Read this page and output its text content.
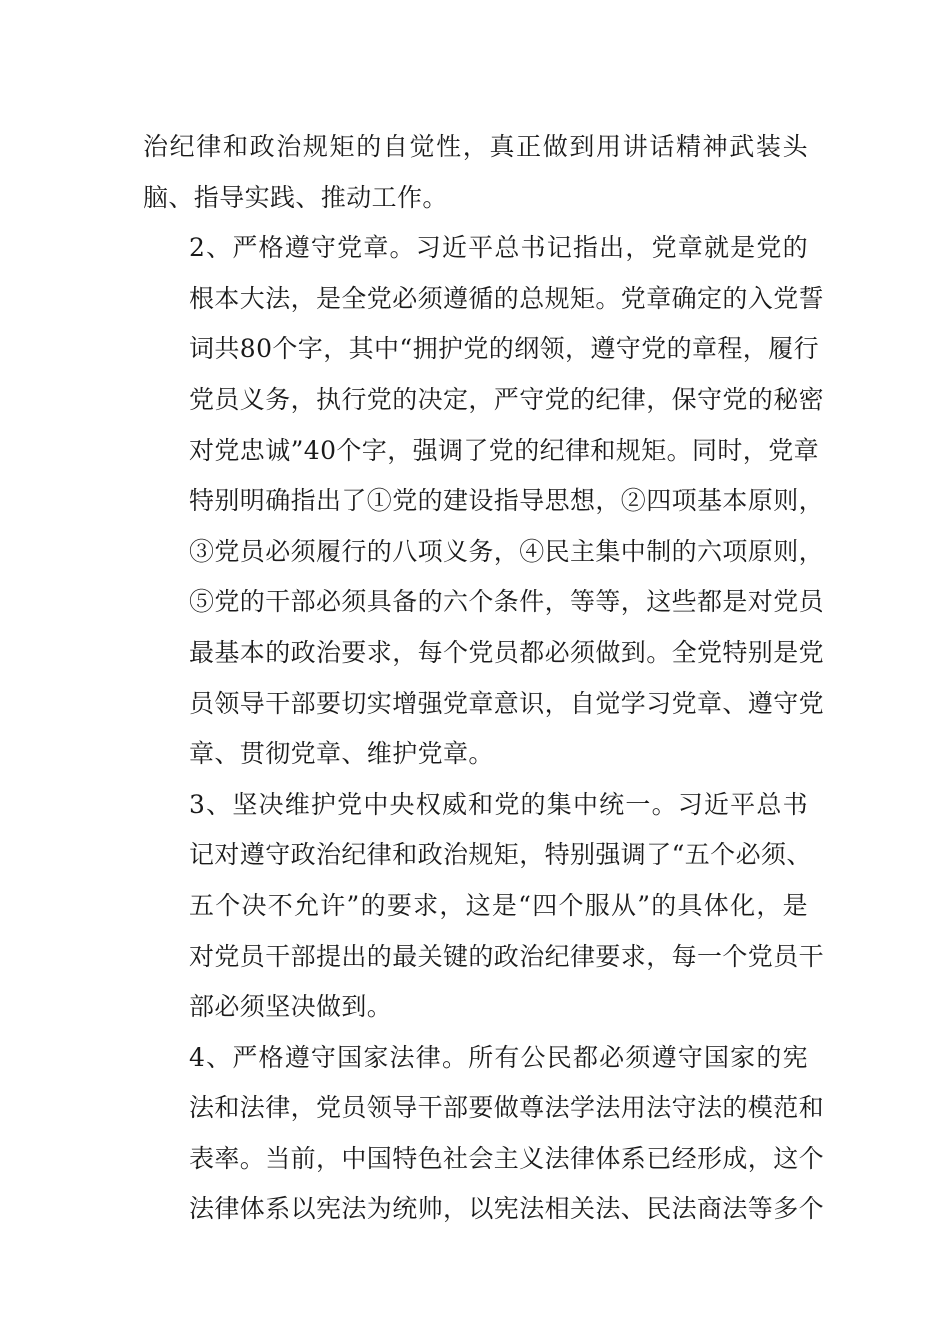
治纪律和政治规矩的自觉性，真正做到用讲话精神武装头
脑、指导实践、推动工作。

2、严格遵守党章。习近平总书记指出，党章就是党的
根本大法，是全党必须遵循的总规矩。党章确定的入党誓
词共80个字，其中“拥护党的纲领，遵守党的章程，履行
党员义务，执行党的决定，严守党的纪律，保守党的秘密
对党忠诚”40个字，强调了党的纪律和规矩。同时，党章
特别明确指出了①党的建设指导思想，②四项基本原则，
③党员必须履行的八项义务，④民主集中制的六项原则，
⑤党的干部必须具备的六个条件，等等，这些都是对党员
最基本的政治要求，每个党员都必须做到。全党特别是党
员领导干部要切实增强党章意识，自觉学习党章、遵守党
章、贯彻党章、维护党章。

3、坚决维护党中央权威和党的集中统一。习近平总书
记对遵守政治纪律和政治规矩，特别强调了“五个必须、
五个决不允许”的要求，这是“四个服从”的具体化，是
对党员干部提出的最关键的政治纪律要求，每一个党员干
部必须坚决做到。

4、严格遵守国家法律。所有公民都必须遵守国家的宪
法和法律，党员领导干部要做尊法学法用法守法的模范和
表率。当前，中国特色社会主义法律体系已经形成，这个
法律体系以宪法为统帅，以宪法相关法、民法商法等多个
